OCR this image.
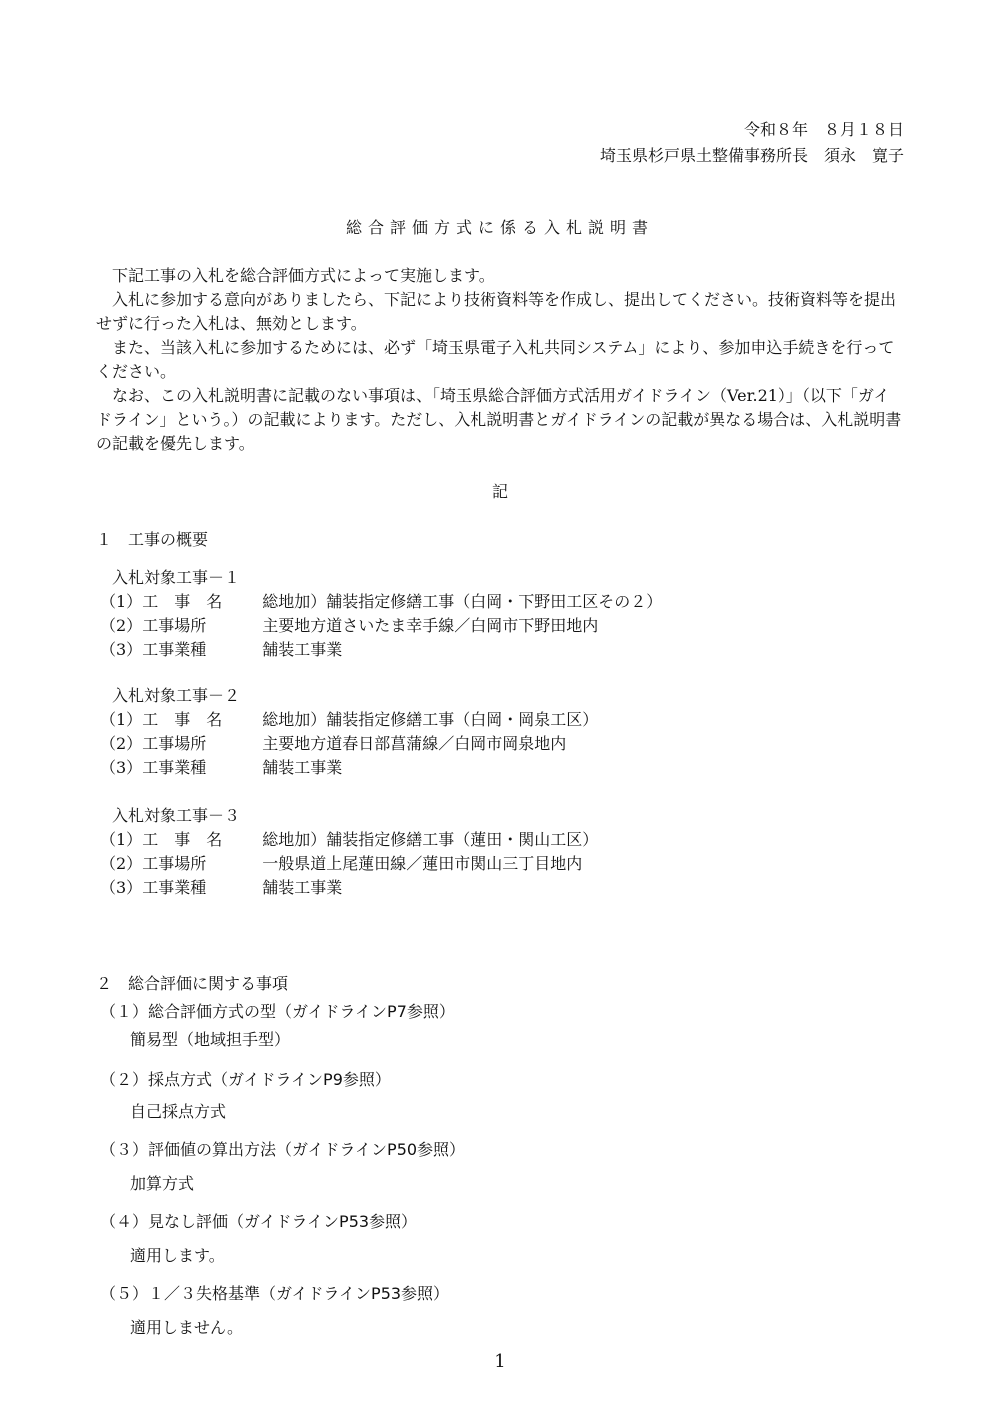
令和８年　８月１８日
埼玉県杉戸県土整備事務所長　須永　寛子
総合評価方式に係る入札説明書
下記工事の入札を総合評価方式によって実施します。
入札に参加する意向がありましたら、下記により技術資料等を作成し、提出してください。技術資料等を提出せずに行った入札は、無効とします。
また、当該入札に参加するためには、必ず「埼玉県電子入札共同システム」により、参加申込手続きを行ってください。
なお、この入札説明書に記載のない事項は、「埼玉県総合評価方式活用ガイドライン（Ver.21）」（以下「ガイドライン」という。）の記載によります。ただし、入札説明書とガイドラインの記載が異なる場合は、入札説明書の記載を優先します。
記
１　工事の概要
入札対象工事－１
（1）工　事　名 総地加）舗装指定修繕工事（白岡・下野田工区その２）
（2）工事場所	主要地方道さいたま幸手線／白岡市下野田地内
（3）工事業種	舗装工事業
入札対象工事－２
（1）工　事　名 総地加）舗装指定修繕工事（白岡・岡泉工区）
（2）工事場所	主要地方道春日部菖蒲線／白岡市岡泉地内
（3）工事業種	舗装工事業
入札対象工事－３
（1）工　事　名 総地加）舗装指定修繕工事（蓮田・関山工区）
（2）工事場所	一般県道上尾蓮田線／蓮田市関山三丁目地内
（3）工事業種	舗装工事業
２　総合評価に関する事項
（１）総合評価方式の型（ガイドラインP7参照）
簡易型（地域担手型）
（２）採点方式（ガイドラインP9参照）
自己採点方式
（３）評価値の算出方法（ガイドラインP50参照）
加算方式
（４）見なし評価（ガイドラインP53参照）
適用します。
（５）１／３失格基準（ガイドラインP53参照）
適用しません。
1
